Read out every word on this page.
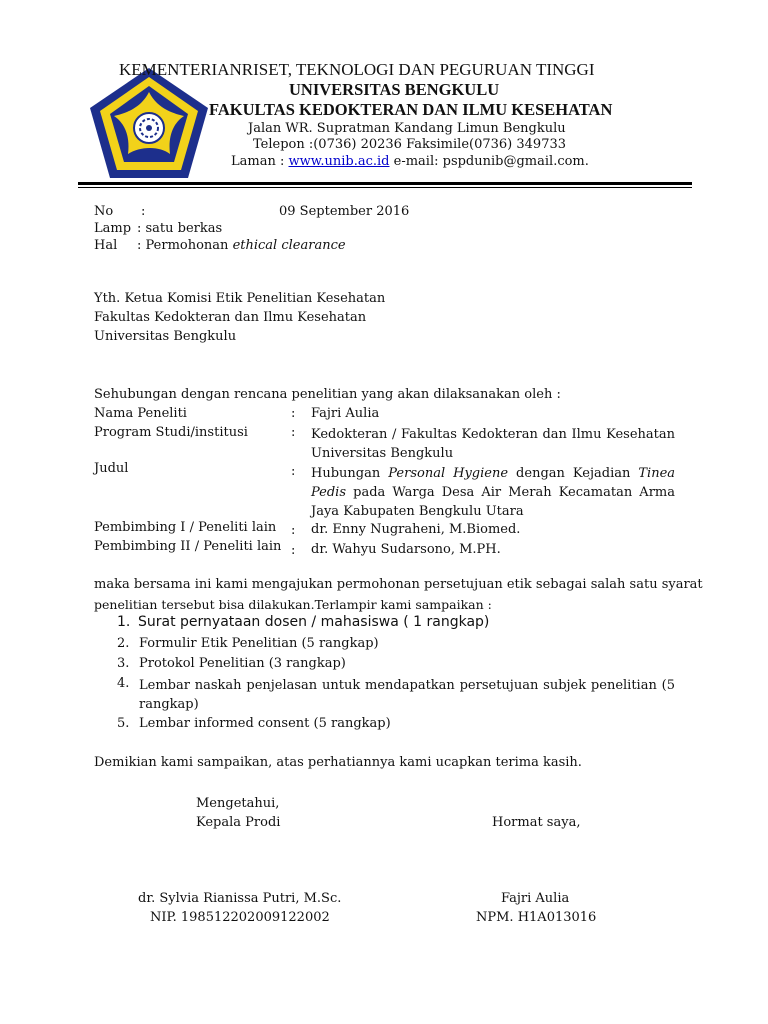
KEMENTERIANRISET, TEKNOLOGI DAN PEGURUAN TINGGI
UNIVERSITAS BENGKULU
FAKULTAS KEDOKTERAN DAN ILMU KESEHATAN
Jalan WR. Supratman Kandang Limun Bengkulu
Telepon :(0736) 20236 Faksimile(0736) 349733
Laman : www.unib.ac.id e-mail: pspdunib@gmail.com.
No :	09 September 2016
Lamp : satu berkas
Hal : Permohonan ethical clearance
Yth. Ketua Komisi Etik Penelitian Kesehatan
Fakultas Kedokteran dan Ilmu Kesehatan
Universitas Bengkulu
Sehubungan dengan rencana penelitian yang akan dilaksanakan oleh :
Nama Peneliti	: Fajri Aulia
Program Studi/institusi	: Kedokteran / Fakultas Kedokteran dan Ilmu Kesehatan Universitas Bengkulu
Judul	: Hubungan Personal Hygiene dengan Kejadian Tinea Pedis pada Warga Desa Air Merah Kecamatan Arma Jaya Kabupaten Bengkulu Utara
Pembimbing I / Peneliti lain : dr. Enny Nugraheni, M.Biomed.
Pembimbing II / Peneliti lain : dr. Wahyu Sudarsono, M.PH.
maka bersama ini kami mengajukan permohonan persetujuan etik sebagai salah satu syarat
penelitian tersebut bisa dilakukan.Terlampir kami sampaikan :
1. Surat pernyataan dosen / mahasiswa ( 1 rangkap)
2. Formulir Etik Penelitian (5 rangkap)
3. Protokol Penelitian (3 rangkap)
4. Lembar naskah penjelasan untuk mendapatkan persetujuan subjek penelitian (5 rangkap)
5. Lembar informed consent (5 rangkap)
Demikian kami sampaikan, atas perhatiannya kami ucapkan terima kasih.
Mengetahui,
Kepala Prodi	Hormat saya,
dr. Sylvia Rianissa Putri, M.Sc.
NIP. 198512202009122002
Fajri Aulia
NPM. H1A013016
